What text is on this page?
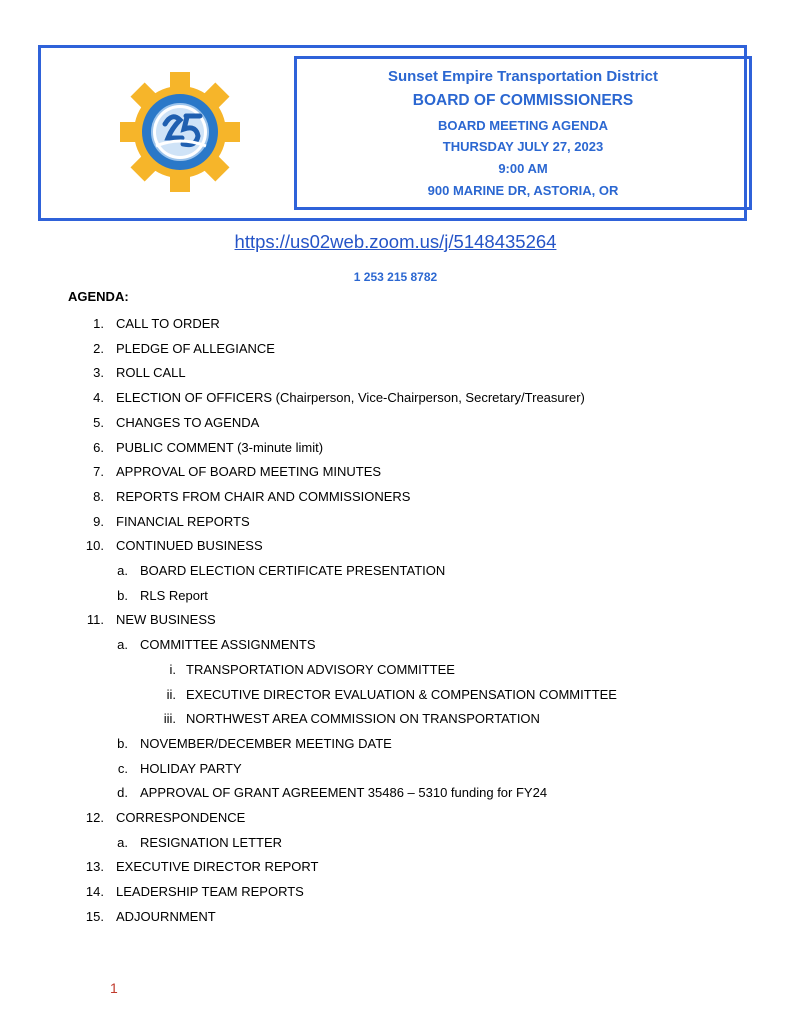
Sunset Empire Transportation District
BOARD OF COMMISSIONERS
BOARD MEETING AGENDA
THURSDAY JULY 27, 2023
9:00 AM
900 MARINE DR, ASTORIA, OR
https://us02web.zoom.us/j/5148435264
1 253 215 8782
AGENDA:
1. CALL TO ORDER
2. PLEDGE OF ALLEGIANCE
3. ROLL CALL
4. ELECTION OF OFFICERS (Chairperson, Vice-Chairperson, Secretary/Treasurer)
5. CHANGES TO AGENDA
6. PUBLIC COMMENT (3-minute limit)
7. APPROVAL OF BOARD MEETING MINUTES
8. REPORTS FROM CHAIR AND COMMISSIONERS
9. FINANCIAL REPORTS
10. CONTINUED BUSINESS
a. BOARD ELECTION CERTIFICATE PRESENTATION
b. RLS Report
11. NEW BUSINESS
a. COMMITTEE ASSIGNMENTS
i. TRANSPORTATION ADVISORY COMMITTEE
ii. EXECUTIVE DIRECTOR EVALUATION & COMPENSATION COMMITTEE
iii. NORTHWEST AREA COMMISSION ON TRANSPORTATION
b. NOVEMBER/DECEMBER MEETING DATE
c. HOLIDAY PARTY
d. APPROVAL OF GRANT AGREEMENT 35486 – 5310 funding for FY24
12. CORRESPONDENCE
a. RESIGNATION LETTER
13. EXECUTIVE DIRECTOR REPORT
14. LEADERSHIP TEAM REPORTS
15. ADJOURNMENT
1
